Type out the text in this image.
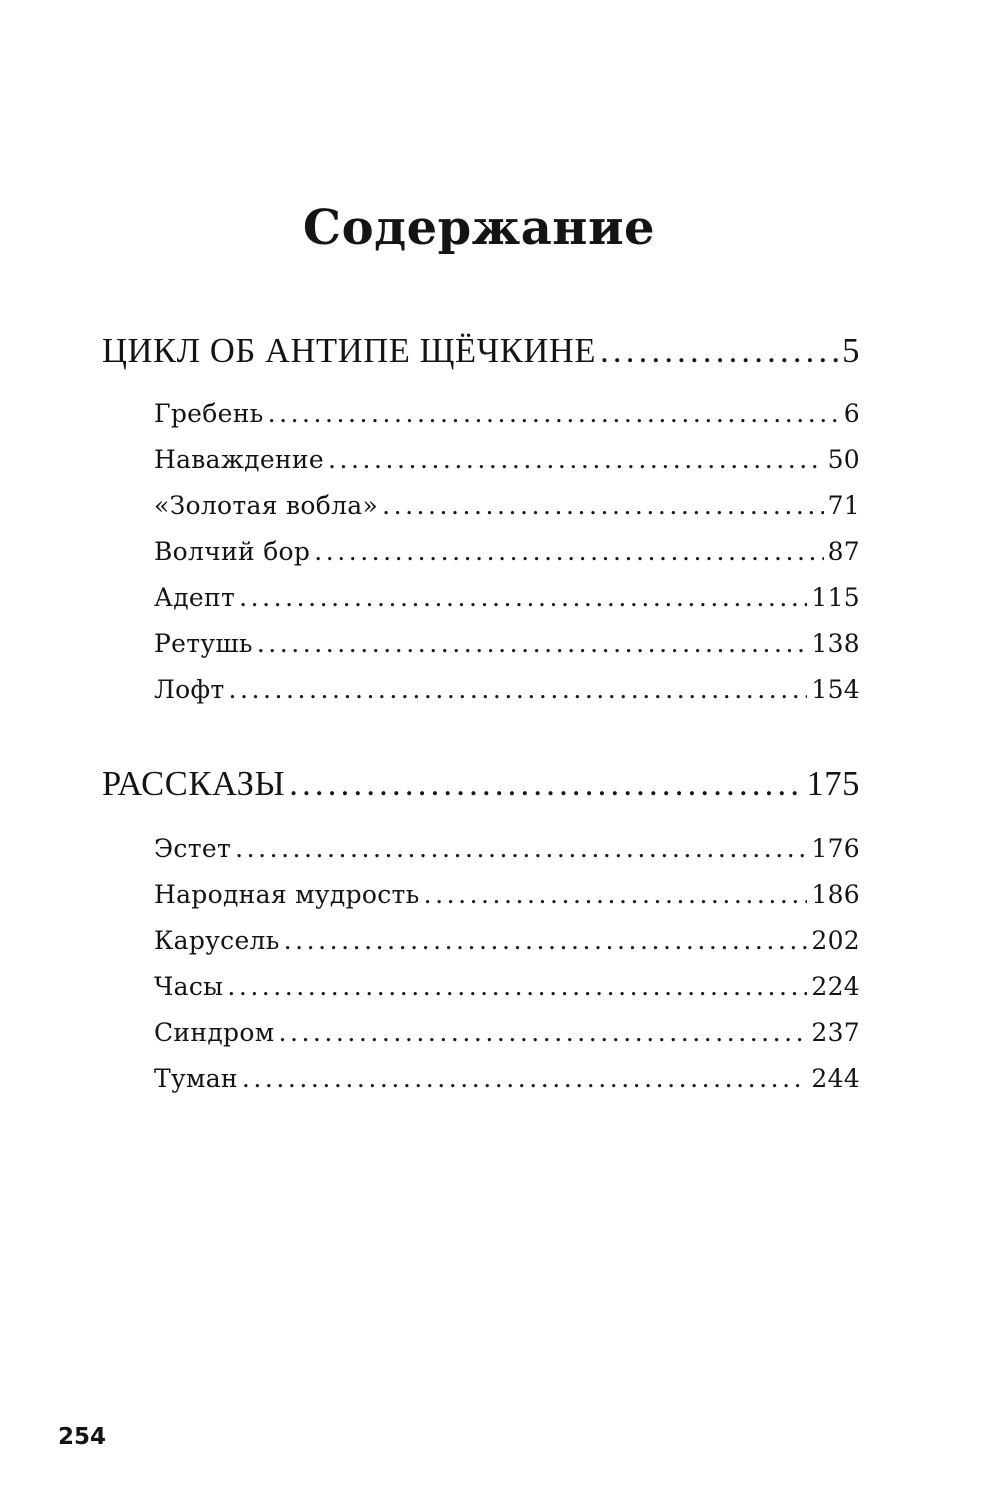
Содержание
ЦИКЛ ОБ АНТИПЕ ЩЁЧКИНЕ . . .	5
Гребень . . .	6
Наваждение . . .	50
«Золотая вобла» . . .	71
Волчий бор . . .	87
Адепт . . .	115
Ретушь . . .	138
Лофт . . .	154
РАССКАЗЫ . . .	175
Эстет . . .	176
Народная мудрость . . .	186
Карусель . . .	202
Часы . . .	224
Синдром . . .	237
Туман . . .	244
254
